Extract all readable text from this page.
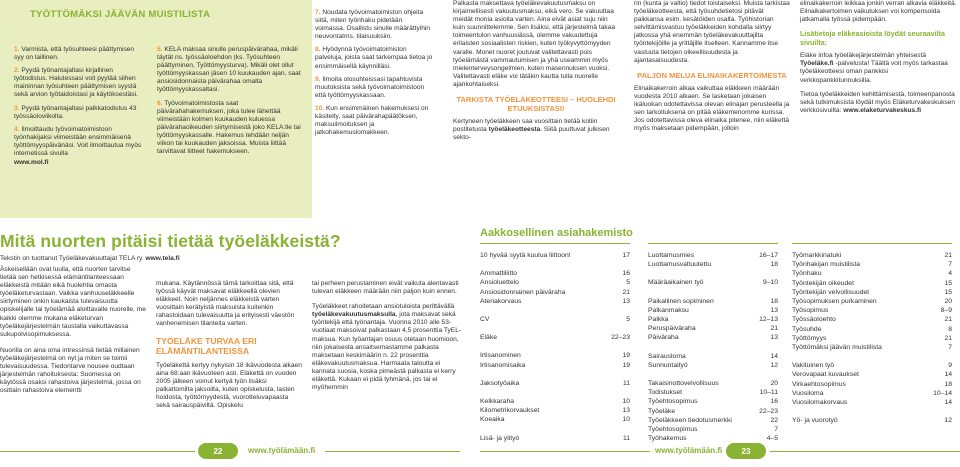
TYÖTTÖMÄKSI JÄÄVÄN MUISTILISTA

1. Varmista, että työsuhteesi päättymisen syy on laillinen.

2. Pyydä työnantajaltasi kirjallinen työtodistus. Halutessasi voit pyytää siihen maininnan työsuhteen päättymisen syystä sekä arvion työtaidoistasi ja käytöksestäsi.

3. Pyydä työnantajaltasi palkkatodistus 43 työssäoloviikolta.

4. Ilmoittaudu työvoimatoimistoon työnhakijaksi viimeistään ensimmäisenä työttömyyspäivänäsi. Voit ilmoittautua myös internetissä sivulla

www.mol.fi

5. KELA maksaa sinulle peruspäivärahaa, mikäli täytät ns. työssäoloehdon (ks. Työsuhteen päättyminen, Työttömyysturva). Mikäli olet ollut työttömyyskassan jäsen 10 kuukauden ajan, saat ansiosidonnaista päivärahaa omalta työttömyyskassaltasi.

6. Työvoimatoimistosta saat päivärahahakemuksen, joka tulee lähettää viimeistään kolmen kuukauden kuluessa päivärahaoikeuden siirtymisestä joko KELA:lle tai työttömyyskassalle. Hakemus tehdään neljän viikon tai kuukauden jaksoissa. Muista liittää tarvittavat liitteet hakemukseen.

7. Noudata työvoimatoimiston ohjeita siitä, miten työnhaku pidetään voimassa. Osallistu sinulle määrättyihin neuvontatms. tilaisuuksiin.

8. Hyödynnä työvoimatoimiston palveluja, joista saat tarkempaa tietoa jo ensimmäisellä käynnilläsi.

9. Ilmoita olosuhteissasi tapahtuvista muutoksista sekä työvoimatoimistoon että työttömyyskassaan.

10. Kun ensimmäinen hakemuksesi on käsitelty, saat päivärahapäätöksen, maksuilmoituksen ja jatkohakemuslomakkeen.

Palkasta maksettava työeläkevakuutusmaksu on kirjaimellisesti vakuutusmaksu, eikä vero. Se vakuuttaa meidät monia asioita varten. Aina eivät asiat suju niin kuin suunnittelemme. Sen lisäksi, että järjestelmä takaa toimeentulon vanhuusiässä, olemme vakuutettuja erilaisten sosiaalisten riskien, kuten työkyvyttömyyden varalle. Monet nuoret joutuvat valitettavasti pois työelämästä vammautumisen ja yhä useammin myös mielenterveysongelmien, kuten masennuksen vuoksi. Valitettavasti eläke voi tätäkin kautta tulla nuorelle ajankohtaiseksi.

TARKISTA TYÖELÄKEOTTEESI – HUOLEHDI ETUUKSISTASI!

Kertyneen työeläkkeen saa vuosittain tietää kotiin postitetusta työeläkeotteesta. Siitä puuttuvat julkisen sekto-

rin (kunta ja valtio) tiedot toistaiseksi. Muista tarkistaa työeläkeotteesta, että työsuhdetietosi pitävät paikkansa esim. kesätöiden osalta. Työhistorian selvittämisvastuu työeläkkeiden kohdalla siirtyy jatkossa yhä enemmän työeläkevakuuttajilta työntekijöille ja yrittäjille itselleen. Kannamme itse vastuuta tietojen oikeellisuudesta ja ajantasaisuudesta.

PALJON MELUA ELINAIKAKERTOIMESTA

Elinaikakerroin alkaa vaikuttaa eläkkeen määrään vuodesta 2010 alkaen. Se lasketaan jokaisen ikäluokan odotettavissa olevan elinajan perusteella ja sen tarkoituksena on pitää eläkemenomme kurissa. Jos odotettavissa oleva elinaika pitenee, niin eläkettä myös maksetaan pidempään, jolloin

elinaikakerroin leikkaa jonkin verran alkavia eläkkeitä. Elinaikakertoimen vaikutuksen voi kompensoida jatkamalla työssä pidempään.

Lisätietoja eläkeasioista löydät seuraavilta sivuilta:

Eläke infoa työeläkejärjestelmän yhteisestä Työeläke.fi -palvelusta! Täältä voit myös tarkastaa työeläkeotteesi oman pankkisi verkkopankkitunnuksilla.

Tietoa työeläkkeiden kehittämisestä, toimeenpanosta sekä tutkimuksista löydät myös Eläketurvakeskuksen verkkosivuilta: www.elaketurvakeskus.fi

Mitä nuorten pitäisi tietää työeläkkeistä?
Tekstin on tuottanut Työeläkevakuuttajat TELA ry. www.tela.fi

Äskeisellään ovat luulla, että nuorten tarvitse tietää sen hetkisessä elämäntilanteessaan eläkkeistä mitään eikä huolehtia omasta työeläketurvastaan. Vaikka vanhuuseläkkeelle siirtyminen onkin kaukaista tulevaisuutta opiskelijalle tai työelämää aloittavalle nuorelle, me kaikki olemme mukana eläketurvan työeläkejärjestelmän taustalla vaikuttavassa sukupolvisopimuksessa.

Nuorilla on aina oma intressinsä tietää millainen työeläkejärjestelmä on nyt ja miten se toimii tulevaisuudessa. Tiedontarve nousee oudtaan järjestelmän rahoituksesta: Suomessa on käytössä osaksi rahastoiva järjestelmä, jossa on osittain rahastoiva elementti

mukana. Käytännössä tämä tarkoittaa sitä, että työssä käyvät maksavat eläkkeellä olevien eläkkeet. Noin neljännes eläkkeistä varten vuosittain kerätyistä maksuista kuitenkin rahastoidaan tulevaisuutta ja erityisesti väestön vanhenemisen tilanteita varten.

TYÖELÄKE TURVAA ERI ELÄMÄNTILANTEISSA

Työeläkettä kertyy nykyisin 18 ikävuodesta alkaen aina 68:aan ikävuoteen asti. Eläkettä on vuoden 2005 jälkeen voinut kertyä työn lisäksi palkattomilta jaksoilta, kuten opiskelusta, lasten hoidosta, työttömyydestä, vuorotteluvapaasta sekä sairauspäiviltä. Opiskelu

tai perheen perustaminen eivät vaikuta alentavasti tulevan eläkkeen määrään niin paljon kuin ennen.

Työeläkkeet rahoitetaan ansiotuloista perittävällä työeläkevakuutusmaksulla, jota maksavat sekä työntekijä että työnantaja. Vuonna 2010 alle 53-vuotiaat maksoivat palkastaan 4,5 prosenttia TyEL-maksua. Kun työantajan osuus otetaan huomioon, niin jokaisesta ansaitsemastamme palkasta maksetaan keskimäärin n. 22 prosenttia eläkevakuutusmaksua. Harmaata taloutta ei kannata suosia, koska pimeästä palkasta ei kerry eläkettä. Kukaan ei pidä tyhmänä, jos tai ei myöhemmin

Aakkosellinen asiahakemisto
10 hyvää syytä kuulua liittoon!	17
Ammattiliitto	16
Ansioluettelo	5
Ansiosidonnainen päiväraha	21
Ateriakorvaus	13
CV	5
Eläke	22–23
Irtisanominen	19
Irtisanomisaika	19
Jaksotyöaika	11
Kelkkaraha	10
Kilometrikorvaukset	13
Koeaika	10
Lisä- ja ylityö	11
Luottamusmies	16–17
Luottamusvaltuutettu	18
Määräaikainen työ	9–10
Paikallinen sopiminen	18
Palkanmaksu	13
Palkka	12–13
Peruspäiväraha	21
Päiväraha	13
Sairausloma	14
Sunnuntaityö	12
Takaisinottovelvollisuus	20
Todistukset	10–11
Työehtosopimus	16
Työeläke	22–23
Työeläkkeen tiedotusmerkki	22
Työehtosopimus	7
Työhakemus	4–5
Työmarkkinatuki	21
Työnhakijan muistilista	7
Työnhaku	4
Työntekijän oikeudet	15
Työntekijän velvollisuudet	15
Työsopimuksen purkaminen	20
Työsopimus	8–9
Työssäoloehto	21
Työsuhde	8
Työttömyys	21
Työttömäksi jäävän muistilista	7
Vakituinen työ	9
Verovapaat kuvaukset	14
Virkaehtosopimus	18
Vuosiloma	10–14
Vuosilomakorvaus	14
Yö- ja vuorotyö	12
22	www.työlämään.fi	www.työlämään.fi	23
